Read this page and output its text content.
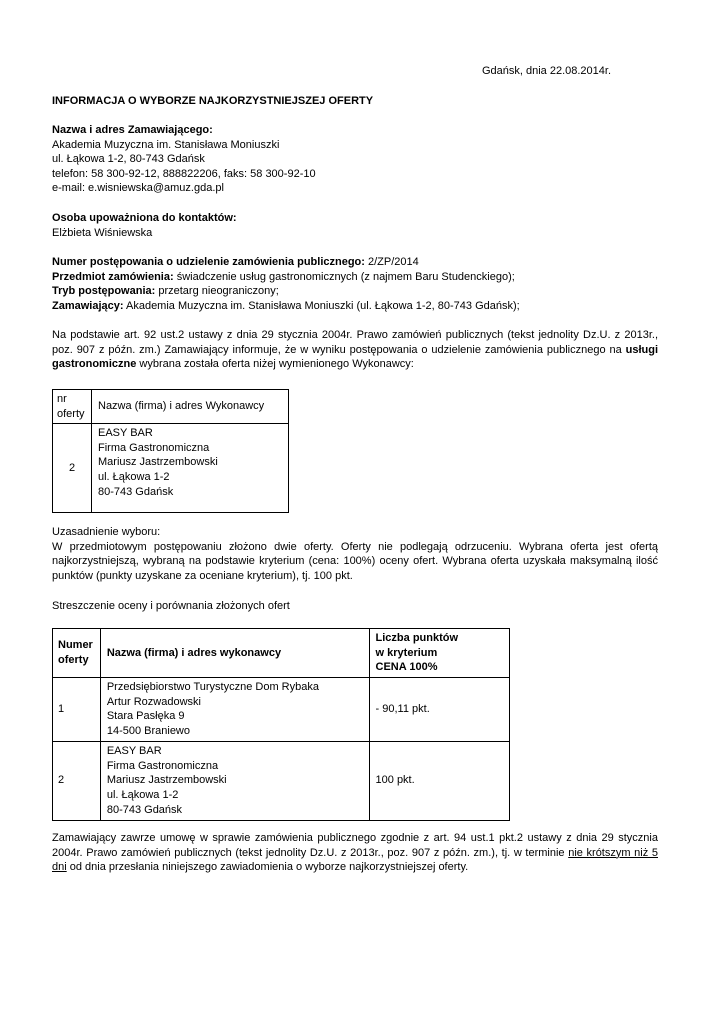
Gdańsk, dnia 22.08.2014r.
INFORMACJA O WYBORZE NAJKORZYSTNIEJSZEJ OFERTY

Nazwa i adres Zamawiającego:

Akademia Muzyczna im. Stanisława Moniuszki

ul. Łąkowa 1-2, 80-743 Gdańsk

telefon: 58 300-92-12, 888822206, faks: 58 300-92-10

e-mail: e.wisniewska@amuz.gda.pl

Osoba upoważniona do kontaktów:

Elżbieta Wiśniewska

Numer postępowania o udzielenie zamówienia publicznego: 2/ZP/2014

Przedmiot zamówienia: świadczenie usług gastronomicznych (z najmem Baru Studenckiego);

Tryb postępowania: przetarg nieograniczony;

Zamawiający: Akademia Muzyczna im. Stanisława Moniuszki (ul. Łąkowa 1-2, 80-743 Gdańsk);

Na podstawie art. 92 ust.2 ustawy z dnia 29 stycznia 2004r. Prawo zamówień publicznych (tekst jednolity Dz.U. z 2013r., poz. 907 z późn. zm.) Zamawiający informuje, że w wyniku postępowania o udzielenie zamówienia publicznego na usługi gastronomiczne wybrana została oferta niżej wymienionego Wykonawcy:
nr oferty	Nazwa (firma) i adres Wykonawcy
2	EASY BAR
Firma Gastronomiczna
Mariusz Jastrzembowski
ul. Łąkowa 1-2
80-743 Gdańsk

Uzasadnienie wyboru:

W przedmiotowym postępowaniu złożono dwie oferty. Oferty nie podlegają odrzuceniu. Wybrana oferta jest ofertą najkorzystniejszą, wybraną na podstawie kryterium (cena: 100%) oceny ofert. Wybrana oferta uzyskała maksymalną ilość punktów (punkty uzyskane za oceniane kryterium), tj. 100 pkt.

Streszczenie oceny i porównania złożonych ofert
Numer oferty	Nazwa (firma) i adres wykonawcy	Liczba punktów
w kryterium
CENA 100%

1	Przedsiębiorstwo Turystyczne Dom Rybaka
Artur Rozwadowski
Stara Pasłęka 9
14-500 Braniewo	- 90,11 pkt.
2	EASY BAR
Firma Gastronomiczna
Mariusz Jastrzembowski
ul. Łąkowa 1-2
80-743 Gdańsk	100 pkt.
Zamawiający zawrze umowę w sprawie zamówienia publicznego zgodnie z art. 94 ust.1 pkt.2 ustawy z dnia 29 stycznia 2004r. Prawo zamówień publicznych (tekst jednolity Dz.U. z 2013r., poz. 907 z późn. zm.), tj. w terminie nie krótszym niż 5 dni od dnia przesłania niniejszego zawiadomienia o wyborze najkorzystniejszej oferty.
